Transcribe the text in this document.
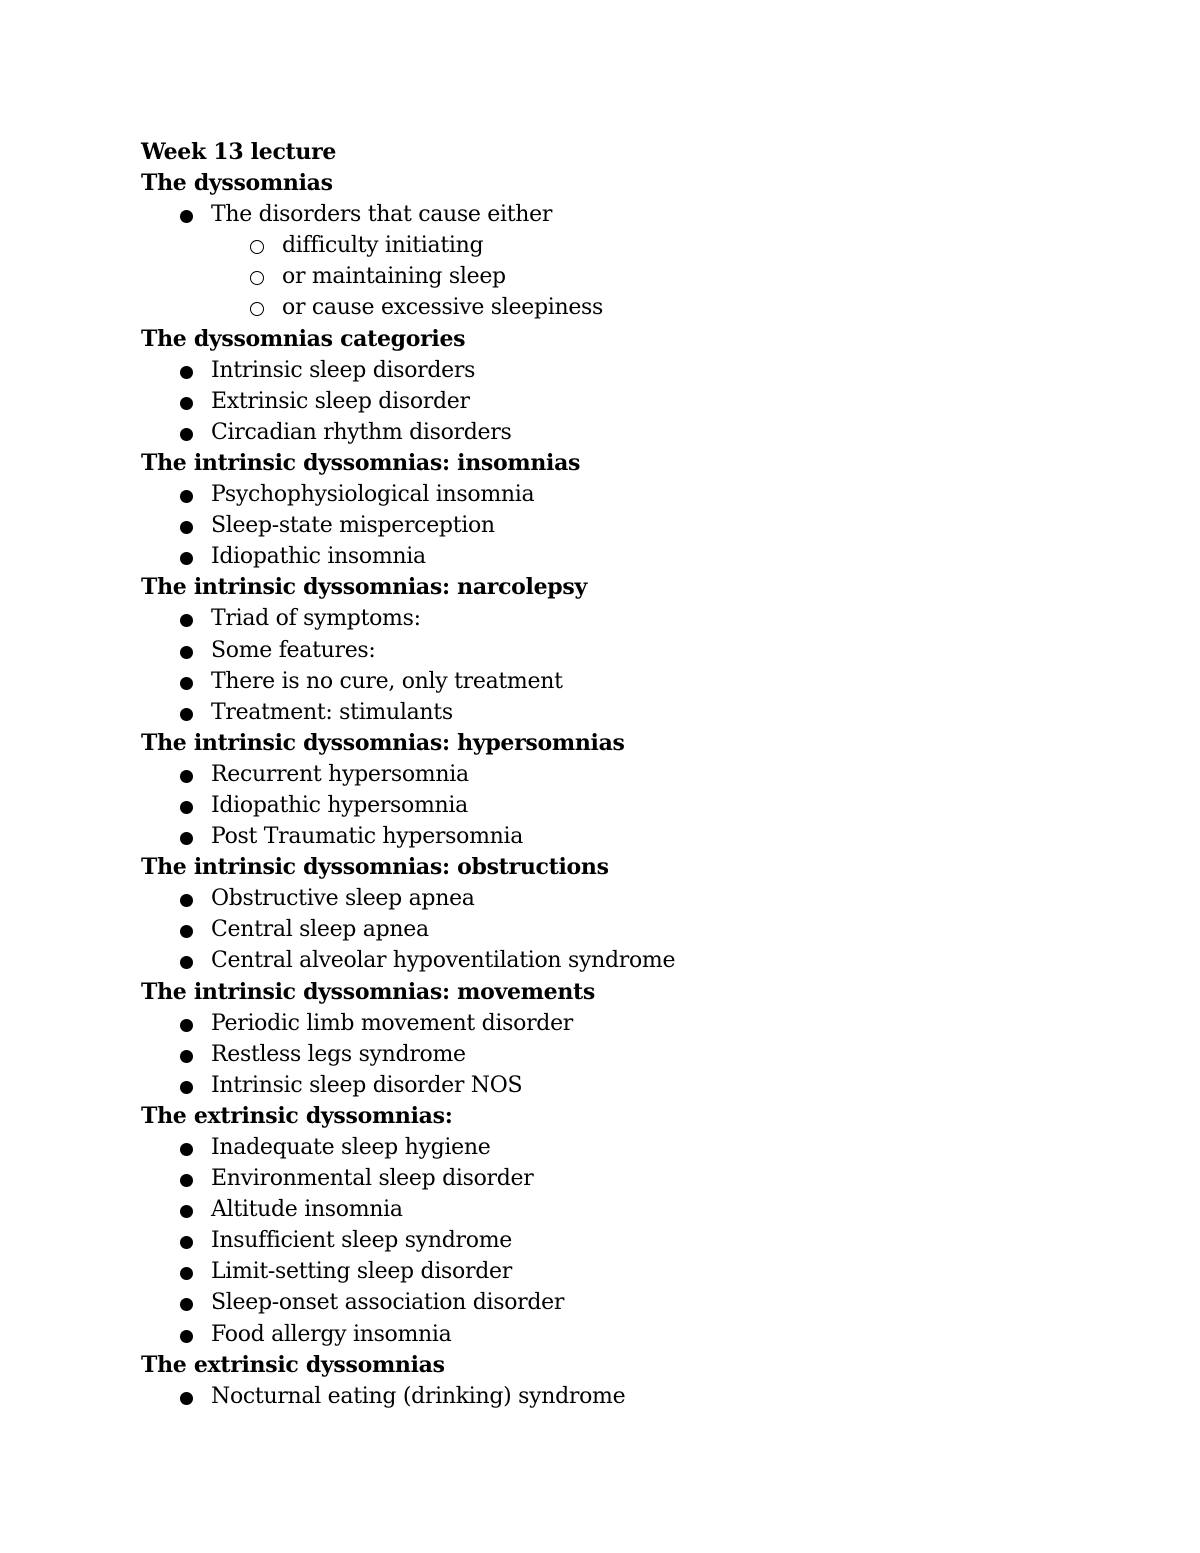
Week 13 lecture
The dyssomnias
The disorders that cause either
difficulty initiating
or maintaining sleep
or cause excessive sleepiness
The dyssomnias categories
Intrinsic sleep disorders
Extrinsic sleep disorder
Circadian rhythm disorders
The intrinsic dyssomnias: insomnias
Psychophysiological insomnia
Sleep-state misperception
Idiopathic insomnia
The intrinsic dyssomnias: narcolepsy
Triad of symptoms:
Some features:
There is no cure, only treatment
Treatment: stimulants
The intrinsic dyssomnias: hypersomnias
Recurrent hypersomnia
Idiopathic hypersomnia
Post Traumatic hypersomnia
The intrinsic dyssomnias: obstructions
Obstructive sleep apnea
Central sleep apnea
Central alveolar hypoventilation syndrome
The intrinsic dyssomnias: movements
Periodic limb movement disorder
Restless legs syndrome
Intrinsic sleep disorder NOS
The extrinsic dyssomnias:
Inadequate sleep hygiene
Environmental sleep disorder
Altitude insomnia
Insufficient sleep syndrome
Limit-setting sleep disorder
Sleep-onset association disorder
Food allergy insomnia
The extrinsic dyssomnias
Nocturnal eating (drinking) syndrome
